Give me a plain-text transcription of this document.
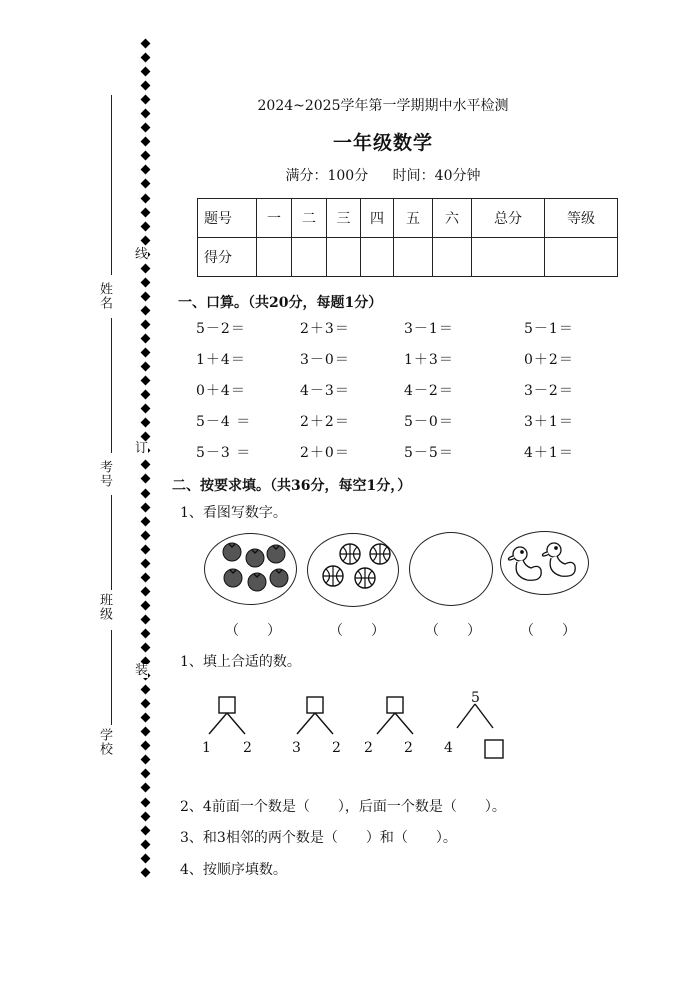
姓名
考号
班级
学校
线
订
装
2024~2025学年第一学期期中水平检测
一年级数学
满分：100分 时间：40分钟
题号	一	二	三	四	五	六	总分	等级
得分								
一、口算。（共20分，每题1分）
5－2＝	2＋3＝	3－1＝	5－1＝
1＋4＝	3－0＝	1＋3＝	0＋2＝
0＋4＝	4－3＝	4－2＝	3－2＝
5－4 ＝	2＋2＝	5－0＝	3＋1＝
5－3 ＝	2＋0＝	5－5＝	4＋1＝
二、按要求填。（共36分，每空1分，）
1、看图写数字。
（　　）	（　　）	（　　）	（　　）
1、填上合适的数。
1 2	3 2 2 2
5
4
2、4前面一个数是（　　），后面一个数是（　　）。
3、和3相邻的两个数是（　　）和（　　）。
4、按顺序填数。
